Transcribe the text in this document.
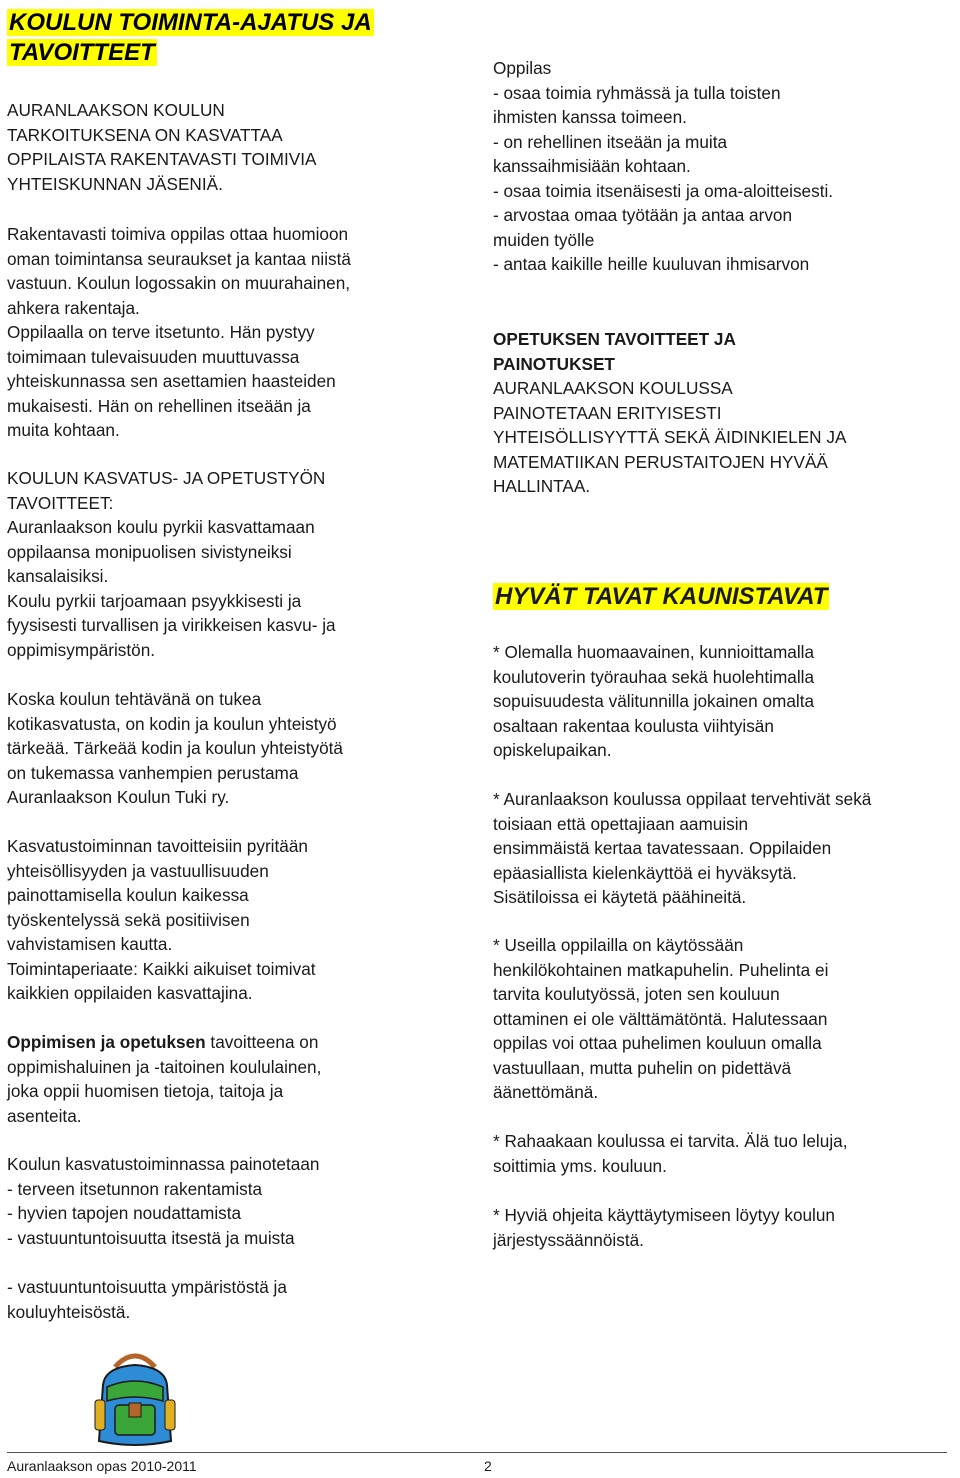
KOULUN TOIMINTA-AJATUS JA
TAVOITTEET

AURANLAAKSON KOULUN

TARKOITUKSENA ON KASVATTAA

OPPILAISTA RAKENTAVASTI TOIMIVIA

YHTEISKUNNAN JÄSENIÄ.

Rakentavasti toimiva oppilas ottaa huomioon

oman toimintansa seuraukset ja kantaa niistä

vastuun. Koulun logossakin on muurahainen,

ahkera rakentaja.

Oppilaalla on terve itsetunto. Hän pystyy

toimimaan tulevaisuuden muuttuvassa

yhteiskunnassa sen asettamien haasteiden

mukaisesti. Hän on rehellinen itseään ja

muita kohtaan.

KOULUN KASVATUS- JA OPETUSTYÖN

TAVOITTEET:

Auranlaakson koulu pyrkii kasvattamaan

oppilaansa monipuolisen sivistyneiksi

kansalaisiksi.

Koulu pyrkii tarjoamaan psyykkisesti ja

fyysisesti turvallisen ja virikkeisen kasvu- ja

oppimisympäristön.

Koska koulun tehtävänä on tukea

kotikasvatusta, on kodin ja koulun yhteistyö

tärkeää. Tärkeää kodin ja koulun yhteistyötä

on tukemassa vanhempien perustama

Auranlaakson Koulun Tuki ry.

Kasvatustoiminnan tavoitteisiin pyritään

yhteisöllisyyden ja vastuullisuuden

painottamisella koulun kaikessa

työskentelyssä sekä positiivisen

vahvistamisen kautta.

Toimintaperiaate: Kaikki aikuiset toimivat

kaikkien oppilaiden kasvattajina.

Oppimisen ja opetuksen tavoitteena on

oppimishaluinen ja -taitoinen koululainen,

joka oppii huomisen tietoja, taitoja ja

asenteita.

Koulun kasvatustoiminnassa painotetaan

- terveen itsetunnon rakentamista

- hyvien tapojen noudattamista

- vastuuntuntoisuutta itsestä ja muista

- vastuuntuntoisuutta ympäristöstä ja

kouluyhteisöstä.

Oppilas

- osaa toimia ryhmässä ja tulla toisten

ihmisten kanssa toimeen.

- on rehellinen itseään ja muita

kanssaihmisiään kohtaan.

- osaa toimia itsenäisesti ja oma-aloitteisesti.

- arvostaa omaa työtään ja antaa arvon

muiden työlle

- antaa kaikille heille kuuluvan ihmisarvon

OPETUKSEN TAVOITTEET JA

PAINOTUKSET

AURANLAAKSON KOULUSSA

PAINOTETAAN ERITYISESTI

YHTEISÖLLISYYTTÄ SEKÄ ÄIDINKIELEN JA

MATEMATIIKAN PERUSTAITOJEN HYVÄÄ

HALLINTAA.

HYVÄT TAVAT KAUNISTAVAT

* Olemalla huomaavainen, kunnioittamalla

koulutoverin työrauhaa sekä huolehtimalla

sopuisuudesta välitunnilla jokainen omalta

osaltaan rakentaa koulusta viihtyisän

opiskelupaikan.

* Auranlaakson koulussa oppilaat tervehtivät sekä

toisiaan että opettajiaan aamuisin

ensimmäistä kertaa tavatessaan. Oppilaiden

epäasiallista kielenkäyttöä ei hyväksytä.

Sisätiloissa ei käytetä päähineitä.

* Useilla oppilailla on käytössään

henkilökohtainen matkapuhelin. Puhelinta ei

tarvita koulutyössä, joten sen kouluun

ottaminen ei ole välttämätöntä. Halutessaan

oppilas voi ottaa puhelimen kouluun omalla

vastuullaan, mutta puhelin on pidettävä

äänettömänä.

* Rahaakaan koulussa ei tarvita. Älä tuo leluja,

soittimia yms. kouluun.

* Hyviä ohjeita käyttäytymiseen löytyy koulun

järjestyssäännöistä.

Auranlaakson opas 2010-2011	2
